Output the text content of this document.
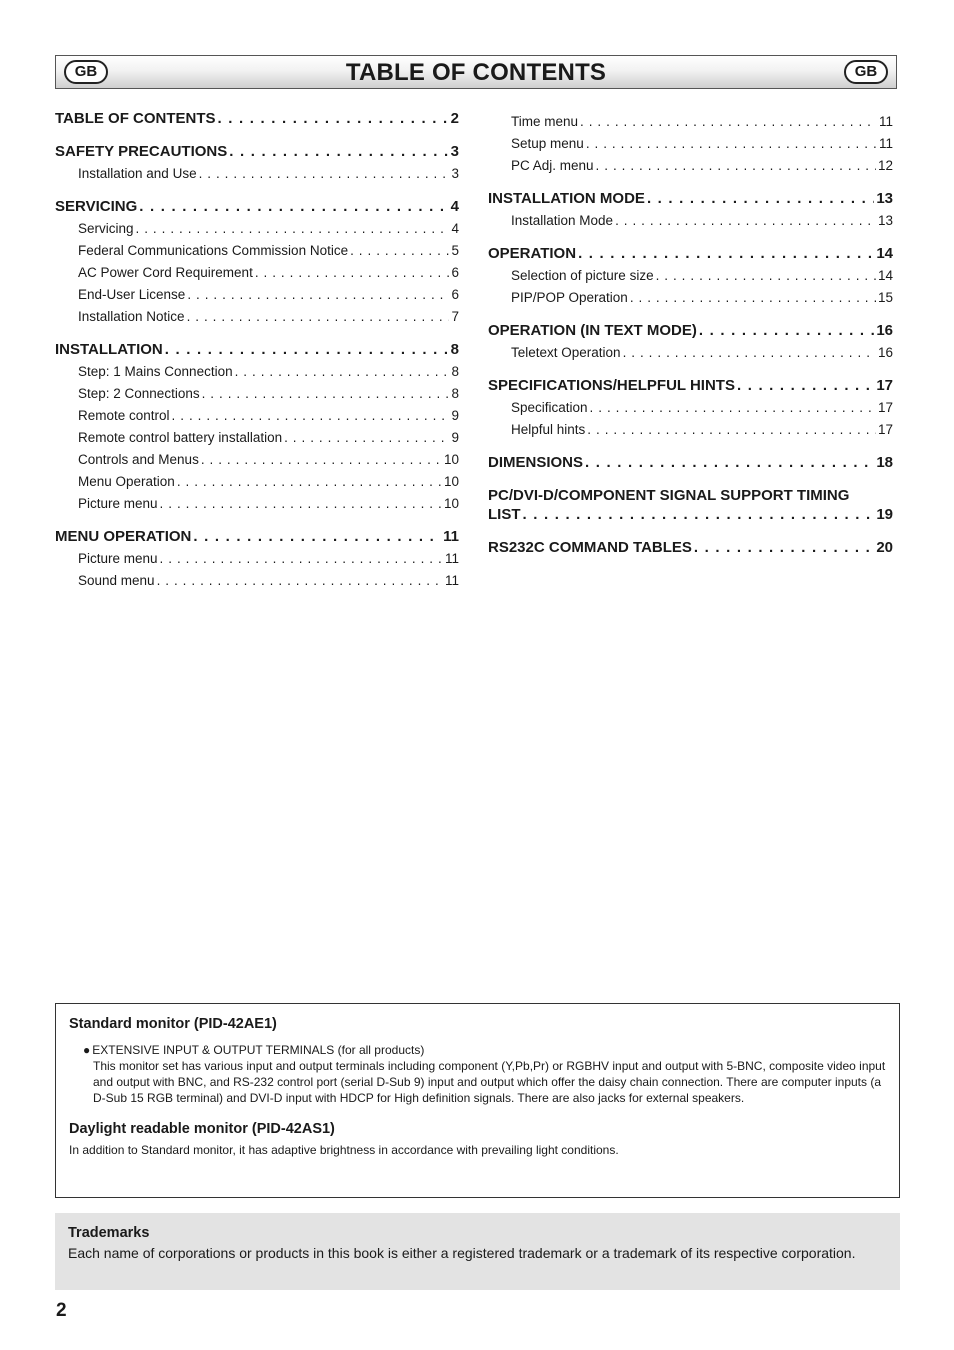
GB	TABLE OF CONTENTS	GB
TABLE OF CONTENTS . . .	2
SAFETY PRECAUTIONS . . .	3
Installation and Use . . .	3
SERVICING . . .	4
Servicing . . .	4
Federal Communications Commission Notice . . .	5
AC Power Cord Requirement . . .	6
End-User License . . .	6
Installation Notice . . .	7
INSTALLATION . . .	8
Step: 1 Mains Connection . . .	8
Step: 2 Connections . . .	8
Remote control . . .	9
Remote control battery installation . . .	9
Controls and Menus . . .	10
Menu Operation . . .	10
Picture menu . . .	10
MENU OPERATION . . .	11
Picture menu . . .	11
Sound menu . . .	11
Time menu . . .	11
Setup menu . . .	11
PC Adj. menu . . .	12
INSTALLATION MODE . . .	13
Installation Mode . . .	13
OPERATION . . .	14
Selection of picture size . . .	14
PIP/POP Operation . . .	15
OPERATION (IN TEXT MODE) . . .	16
Teletext Operation . . .	16
SPECIFICATIONS/HELPFUL HINTS . . .	17
Specification . . .	17
Helpful hints . . .	17
DIMENSIONS . . .	18
PC/DVI-D/COMPONENT SIGNAL SUPPORT TIMING
LIST . . .	19
RS232C COMMAND TABLES . . .	20
Standard monitor (PID-42AE1)
● EXTENSIVE INPUT & OUTPUT TERMINALS (for all products)
This monitor set has various input and output terminals including component (Y,Pb,Pr) or RGBHV input and output with 5-BNC, composite video input and output with BNC, and RS-232 control port (serial D-Sub 9) input and output which offer the daisy chain connection. There are computer inputs (a D-Sub 15 RGB terminal) and DVI-D input with HDCP for High definition signals. There are also jacks for external speakers.
Daylight readable monitor (PID-42AS1)
In addition to Standard monitor, it has adaptive brightness in accordance with prevailing light conditions.
Trademarks
Each name of corporations or products in this book is either a registered trademark or a trademark of its respective corporation.
2
